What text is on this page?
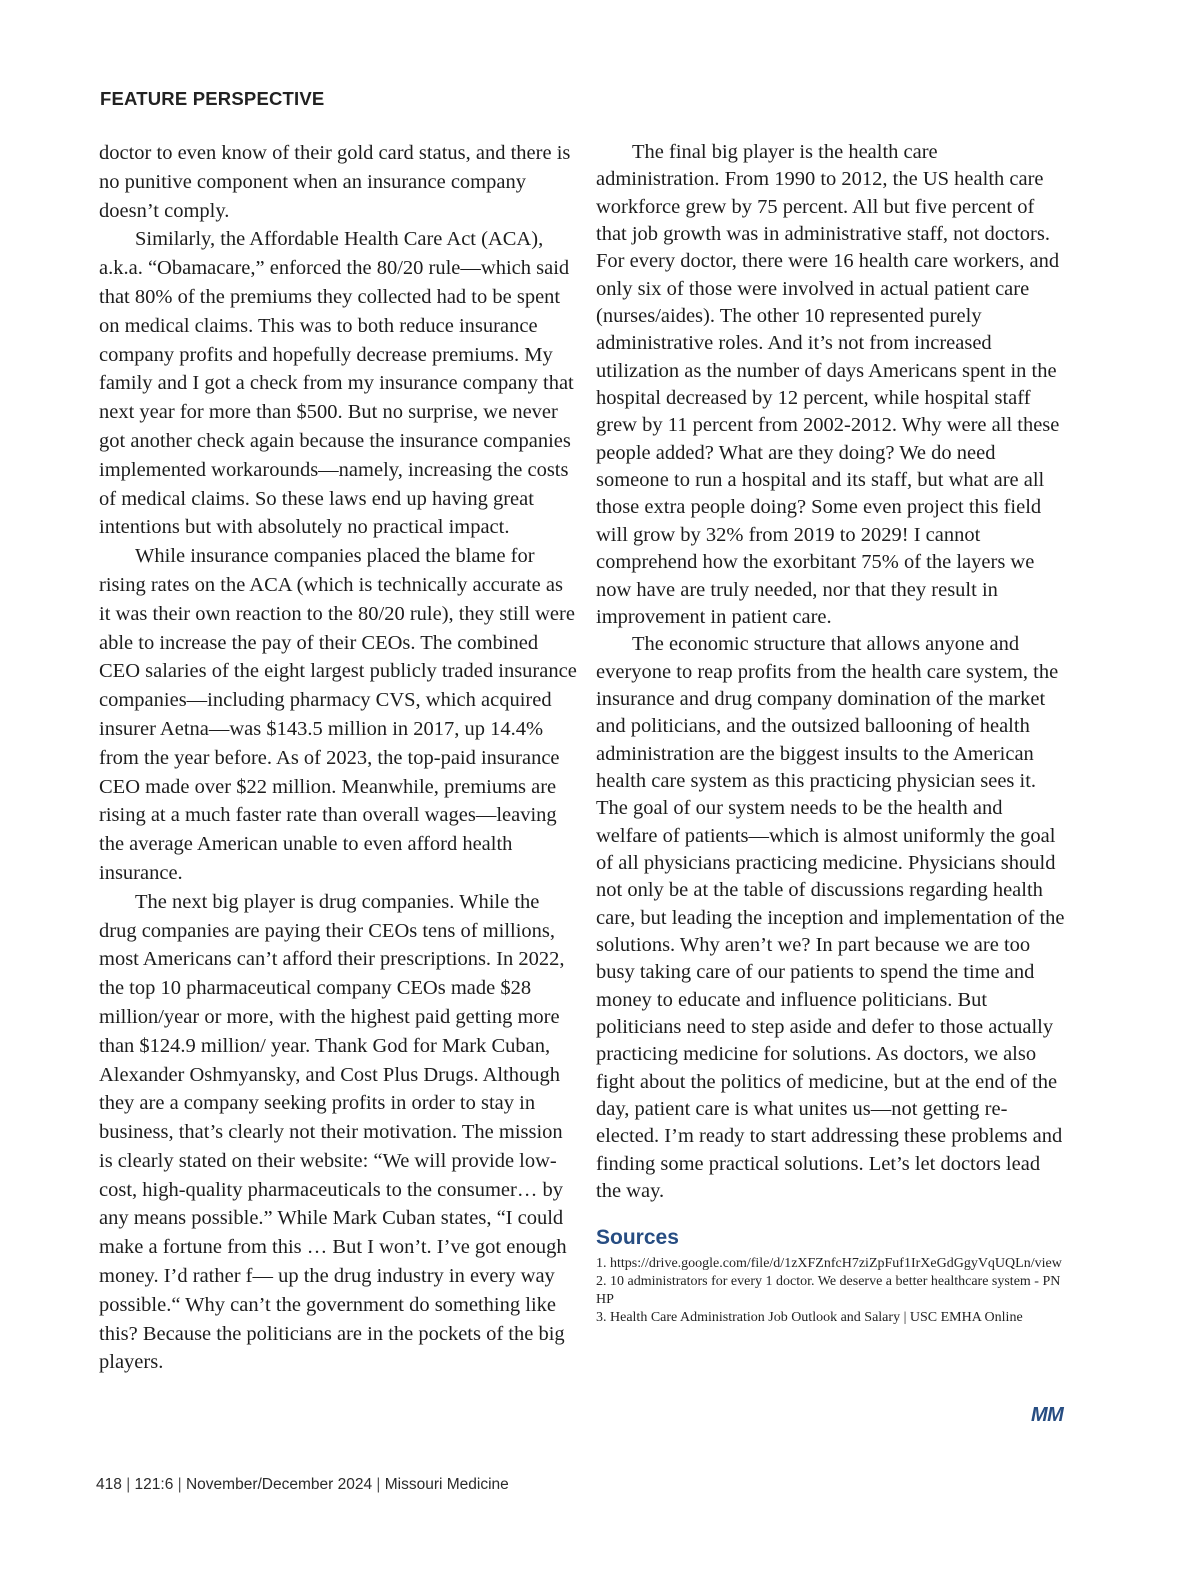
FEATURE PERSPECTIVE

doctor to even know of their gold card status, and there is no punitive component when an insurance company doesn’t comply.

Similarly, the Affordable Health Care Act (ACA), a.k.a. “Obamacare,” enforced the 80/20 rule—which said that 80% of the premiums they collected had to be spent on medical claims. This was to both reduce insurance company profits and hopefully decrease premiums. My family and I got a check from my insurance company that next year for more than $500. But no surprise, we never got another check again because the insurance companies implemented workarounds—namely, increasing the costs of medical claims. So these laws end up having great intentions but with absolutely no practical impact.

While insurance companies placed the blame for rising rates on the ACA (which is technically accurate as it was their own reaction to the 80/20 rule), they still were able to increase the pay of their CEOs. The combined CEO salaries of the eight largest publicly traded insurance companies—including pharmacy CVS, which acquired insurer Aetna—was $143.5 million in 2017, up 14.4% from the year before. As of 2023, the top-paid insurance CEO made over $22 million. Meanwhile, premiums are rising at a much faster rate than overall wages—leaving the average American unable to even afford health insurance.

The next big player is drug companies. While the drug companies are paying their CEOs tens of millions, most Americans can’t afford their prescriptions. In 2022, the top 10 pharmaceutical company CEOs made $28 million/year or more, with the highest paid getting more than $124.9 million/ year. Thank God for Mark Cuban, Alexander Oshmyansky, and Cost Plus Drugs. Although they are a company seeking profits in order to stay in business, that’s clearly not their motivation. The mission is clearly stated on their website: “We will provide low-cost, high-quality pharmaceuticals to the consumer… by any means possible.” While Mark Cuban states, “I could make a fortune from this … But I won’t. I’ve got enough money. I’d rather f— up the drug industry in every way possible.“ Why can’t the government do something like this? Because the politicians are in the pockets of the big players.

The final big player is the health care administration. From 1990 to 2012, the US health care workforce grew by 75 percent. All but five percent of that job growth was in administrative staff, not doctors. For every doctor, there were 16 health care workers, and only six of those were involved in actual patient care (nurses/aides). The other 10 represented purely administrative roles. And it’s not from increased utilization as the number of days Americans spent in the hospital decreased by 12 percent, while hospital staff grew by 11 percent from 2002-2012. Why were all these people added? What are they doing? We do need someone to run a hospital and its staff, but what are all those extra people doing? Some even project this field will grow by 32% from 2019 to 2029! I cannot comprehend how the exorbitant 75% of the layers we now have are truly needed, nor that they result in improvement in patient care.

The economic structure that allows anyone and everyone to reap profits from the health care system, the insurance and drug company domination of the market and politicians, and the outsized ballooning of health administration are the biggest insults to the American health care system as this practicing physician sees it. The goal of our system needs to be the health and welfare of patients—which is almost uniformly the goal of all physicians practicing medicine. Physicians should not only be at the table of discussions regarding health care, but leading the inception and implementation of the solutions. Why aren’t we? In part because we are too busy taking care of our patients to spend the time and money to educate and influence politicians. But politicians need to step aside and defer to those actually practicing medicine for solutions. As doctors, we also fight about the politics of medicine, but at the end of the day, patient care is what unites us—not getting re-elected. I’m ready to start addressing these problems and finding some practical solutions. Let’s let doctors lead the way.

Sources

1. https://drive.google.com/file/d/1zXFZnfcH7ziZpFuf1IrXeGdGgyVqUQLn/view

2. 10 administrators for every 1 doctor. We deserve a better healthcare system - PNHP

3. Health Care Administration Job Outlook and Salary | USC EMHA Online

MM
418 | 121:6 | November/December 2024 | Missouri Medicine
